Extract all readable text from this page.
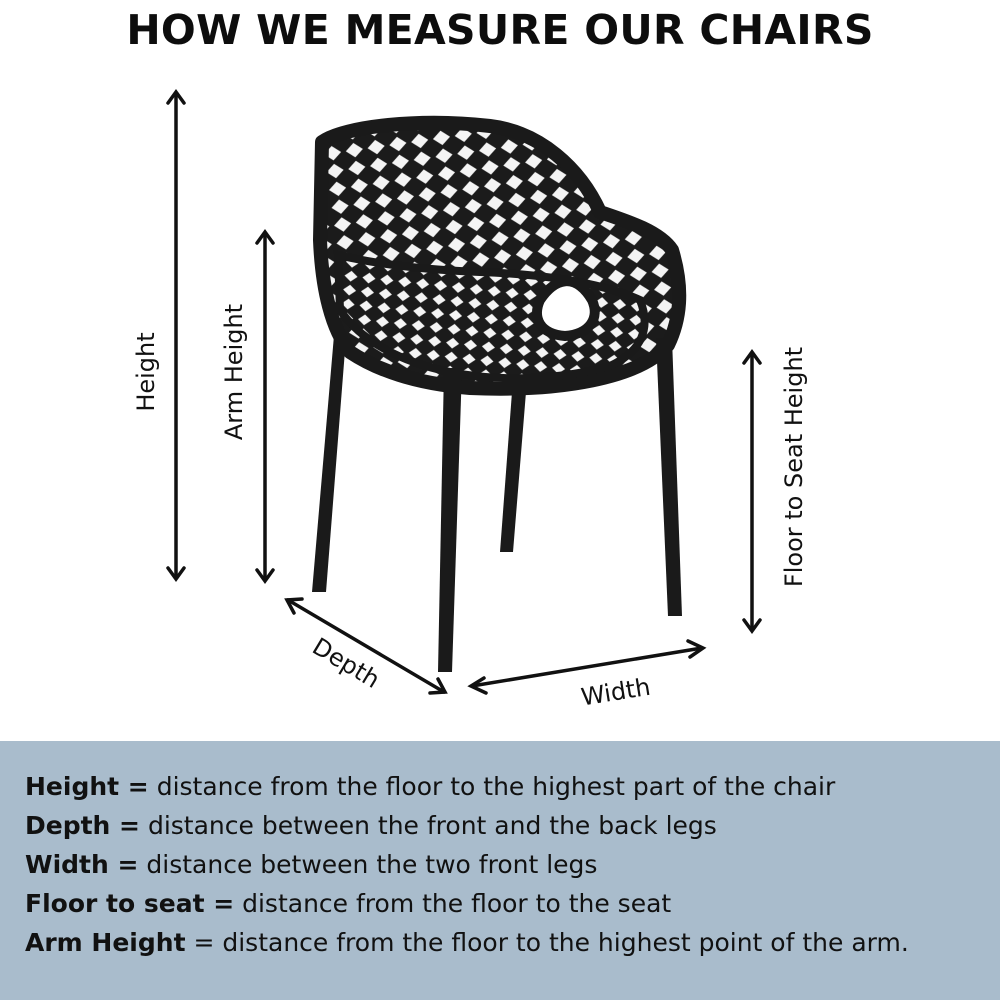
HOW WE MEASURE OUR CHAIRS
Height	Arm Height	Floor to Seat Height
Depth	Width
Height = distance from the floor to the highest part of the chair
Depth = distance between the front and the back legs
Width = distance between the two front legs
Floor to seat = distance from the floor to the seat
Arm Height = distance from the floor to the highest point of the arm.
